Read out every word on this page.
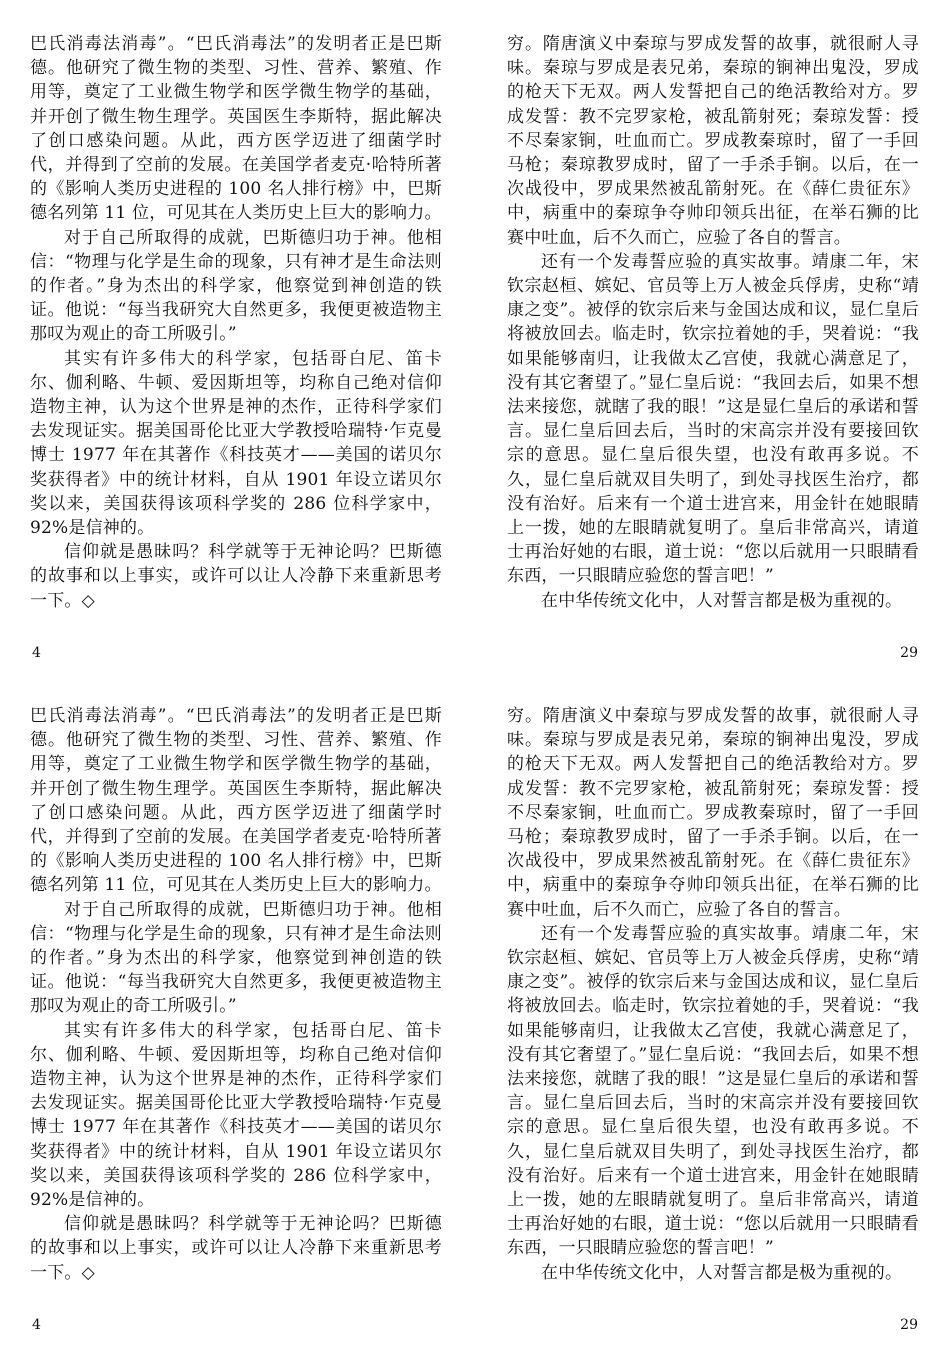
巴氏消毒法消毒”。“巴氏消毒法”的发明者正是巴斯德。他研究了微生物的类型、习性、营养、繁殖、作用等，奠定了工业微生物学和医学微生物学的基础，并开创了微生物生理学。英国医生李斯特，据此解决了创口感染问题。从此，西方医学迈进了细菌学时代，并得到了空前的发展。在美国学者麦克·哈特所著的《影响人类历史进程的 100 名人排行榜》中，巴斯德名列第 11 位，可见其在人类历史上巨大的影响力。

对于自己所取得的成就，巴斯德归功于神。他相信：“物理与化学是生命的现象，只有神才是生命法则的作者。”身为杰出的科学家，他察觉到神创造的铁证。他说：“每当我研究大自然更多，我便更被造物主那叹为观止的奇工所吸引。”

其实有许多伟大的科学家，包括哥白尼、笛卡尔、伽利略、牛顿、爱因斯坦等，均称自己绝对信仰造物主神，认为这个世界是神的杰作，正待科学家们去发现证实。据美国哥伦比亚大学教授哈瑞特·乍克曼博士 1977 年在其著作《科技英才——美国的诺贝尔奖获得者》中的统计材料，自从 1901 年设立诺贝尔奖以来，美国获得该项科学奖的 286 位科学家中，92%是信神的。

信仰就是愚昧吗？科学就等于无神论吗？巴斯德的故事和以上事实，或许可以让人冷静下来重新思考一下。◇

穷。隋唐演义中秦琼与罗成发誓的故事，就很耐人寻味。秦琼与罗成是表兄弟，秦琼的锏神出鬼没，罗成的枪天下无双。两人发誓把自己的绝活教给对方。罗成发誓：教不完罗家枪，被乱箭射死；秦琼发誓：授不尽秦家锏，吐血而亡。罗成教秦琼时，留了一手回马枪；秦琼教罗成时，留了一手杀手锏。以后，在一次战役中，罗成果然被乱箭射死。在《薛仁贵征东》中，病重中的秦琼争夺帅印领兵出征，在举石狮的比赛中吐血，后不久而亡，应验了各自的誓言。

还有一个发毒誓应验的真实故事。靖康二年，宋钦宗赵桓、嫔妃、官员等上万人被金兵俘虏，史称“靖康之变”。被俘的钦宗后来与金国达成和议，显仁皇后将被放回去。临走时，钦宗拉着她的手，哭着说：“我如果能够南归，让我做太乙宫使，我就心满意足了，没有其它奢望了。”显仁皇后说：“我回去后，如果不想法来接您，就瞎了我的眼！”这是显仁皇后的承诺和誓言。显仁皇后回去后，当时的宋高宗并没有要接回钦宗的意思。显仁皇后很失望，也没有敢再多说。不久，显仁皇后就双目失明了，到处寻找医生治疗，都没有治好。后来有一个道士进宫来，用金针在她眼睛上一拨，她的左眼睛就复明了。皇后非常高兴，请道士再治好她的右眼，道士说：“您以后就用一只眼睛看东西，一只眼睛应验您的誓言吧！”

在中华传统文化中，人对誓言都是极为重视的。

4	29

巴氏消毒法消毒”。“巴氏消毒法”的发明者正是巴斯德。他研究了微生物的类型、习性、营养、繁殖、作用等，奠定了工业微生物学和医学微生物学的基础，并开创了微生物生理学。英国医生李斯特，据此解决了创口感染问题。从此，西方医学迈进了细菌学时代，并得到了空前的发展。在美国学者麦克·哈特所著的《影响人类历史进程的 100 名人排行榜》中，巴斯德名列第 11 位，可见其在人类历史上巨大的影响力。

对于自己所取得的成就，巴斯德归功于神。他相信：“物理与化学是生命的现象，只有神才是生命法则的作者。”身为杰出的科学家，他察觉到神创造的铁证。他说：“每当我研究大自然更多，我便更被造物主那叹为观止的奇工所吸引。”

其实有许多伟大的科学家，包括哥白尼、笛卡尔、伽利略、牛顿、爱因斯坦等，均称自己绝对信仰造物主神，认为这个世界是神的杰作，正待科学家们去发现证实。据美国哥伦比亚大学教授哈瑞特·乍克曼博士 1977 年在其著作《科技英才——美国的诺贝尔奖获得者》中的统计材料，自从 1901 年设立诺贝尔奖以来，美国获得该项科学奖的 286 位科学家中，92%是信神的。

信仰就是愚昧吗？科学就等于无神论吗？巴斯德的故事和以上事实，或许可以让人冷静下来重新思考一下。◇

穷。隋唐演义中秦琼与罗成发誓的故事，就很耐人寻味。秦琼与罗成是表兄弟，秦琼的锏神出鬼没，罗成的枪天下无双。两人发誓把自己的绝活教给对方。罗成发誓：教不完罗家枪，被乱箭射死；秦琼发誓：授不尽秦家锏，吐血而亡。罗成教秦琼时，留了一手回马枪；秦琼教罗成时，留了一手杀手锏。以后，在一次战役中，罗成果然被乱箭射死。在《薛仁贵征东》中，病重中的秦琼争夺帅印领兵出征，在举石狮的比赛中吐血，后不久而亡，应验了各自的誓言。

还有一个发毒誓应验的真实故事。靖康二年，宋钦宗赵桓、嫔妃、官员等上万人被金兵俘虏，史称“靖康之变”。被俘的钦宗后来与金国达成和议，显仁皇后将被放回去。临走时，钦宗拉着她的手，哭着说：“我如果能够南归，让我做太乙宫使，我就心满意足了，没有其它奢望了。”显仁皇后说：“我回去后，如果不想法来接您，就瞎了我的眼！”这是显仁皇后的承诺和誓言。显仁皇后回去后，当时的宋高宗并没有要接回钦宗的意思。显仁皇后很失望，也没有敢再多说。不久，显仁皇后就双目失明了，到处寻找医生治疗，都没有治好。后来有一个道士进宫来，用金针在她眼睛上一拨，她的左眼睛就复明了。皇后非常高兴，请道士再治好她的右眼，道士说：“您以后就用一只眼睛看东西，一只眼睛应验您的誓言吧！”

在中华传统文化中，人对誓言都是极为重视的。

4	29
